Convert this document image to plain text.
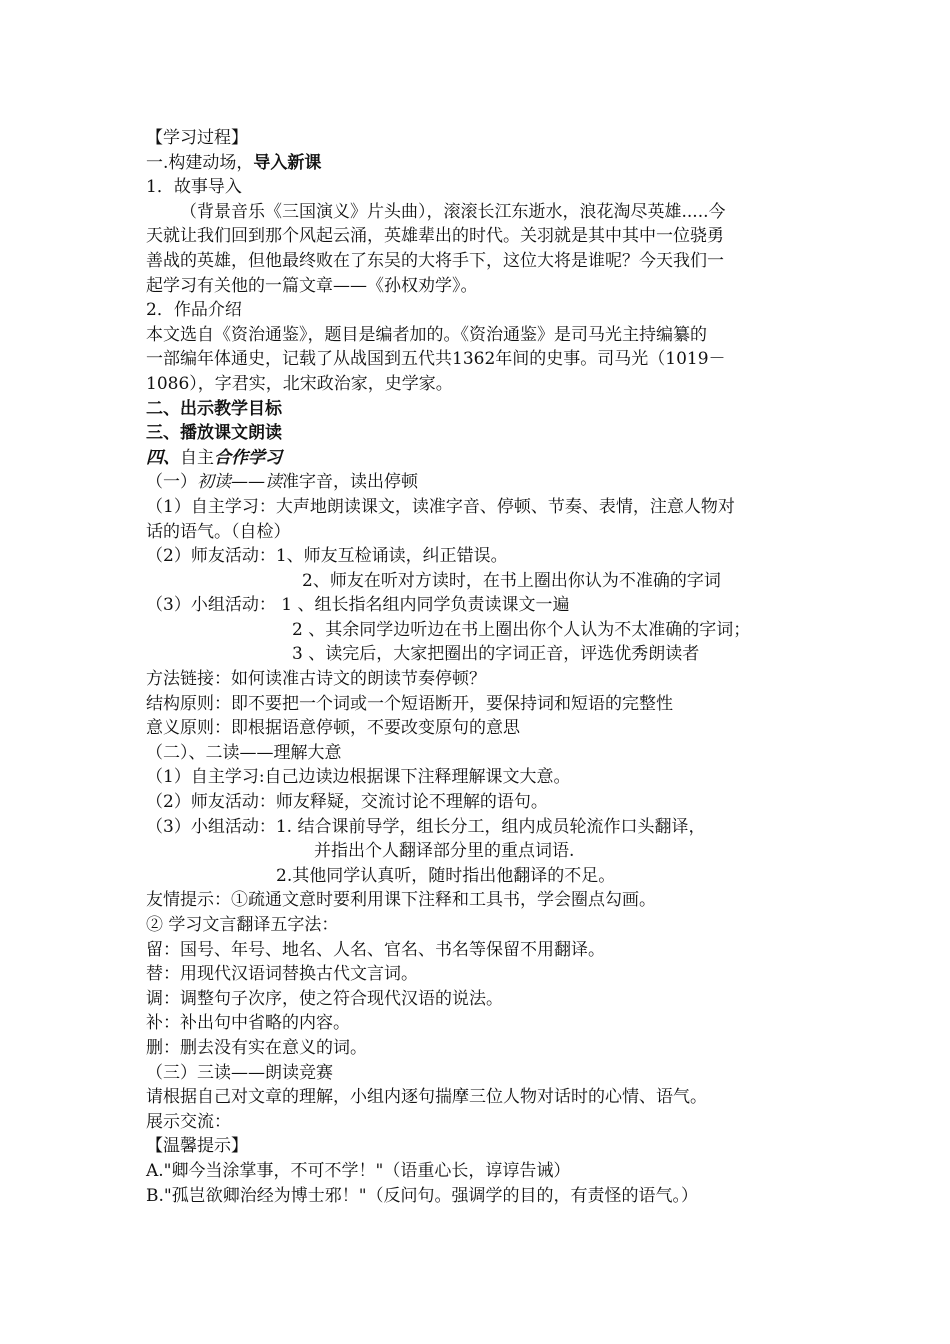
【学习过程】
一.构建动场，导入新课
1．故事导入
（背景音乐《三国演义》片头曲），滚滚长江东逝水，浪花淘尽英雄.....今
天就让我们回到那个风起云涌，英雄辈出的时代。关羽就是其中其中一位骁勇
善战的英雄，但他最终败在了东吴的大将手下，这位大将是谁呢？今天我们一
起学习有关他的一篇文章——《孙权劝学》。
2．作品介绍
本文选自《资治通鉴》，题目是编者加的。《资治通鉴》是司马光主持编纂的
一部编年体通史，记载了从战国到五代共1362年间的史事。司马光（1019－
1086），字君实，北宋政治家，史学家。
二、出示教学目标
三、播放课文朗读
四、自主合作学习
（一）初读——读准字音，读出停顿
（1）自主学习：大声地朗读课文，读准字音、停顿、节奏、表情，注意人物对
话的语气。（自检）
（2）师友活动：1、师友互检诵读，纠正错误。
2、师友在听对方读时，在书上圈出你认为不准确的字词
（3）小组活动： 1 、组长指名组内同学负责读课文一遍
2 、其余同学边听边在书上圈出你个人认为不太准确的字词；
3 、读完后，大家把圈出的字词正音，评选优秀朗读者
方法链接：如何读准古诗文的朗读节奏停顿？
结构原则：即不要把一个词或一个短语断开，要保持词和短语的完整性
意义原则：即根据语意停顿，不要改变原句的意思
（二）、二读——理解大意
（1）自主学习:自己边读边根据课下注释理解课文大意。
（2）师友活动：师友释疑，交流讨论不理解的语句。
（3）小组活动：1. 结合课前导学，组长分工，组内成员轮流作口头翻译，
并指出个人翻译部分里的重点词语.
2.其他同学认真听，随时指出他翻译的不足。
友情提示：①疏通文意时要利用课下注释和工具书，学会圈点勾画。
② 学习文言翻译五字法：
留：国号、年号、地名、人名、官名、书名等保留不用翻译。
替：用现代汉语词替换古代文言词。
调：调整句子次序，使之符合现代汉语的说法。
补：补出句中省略的内容。
删：删去没有实在意义的词。
（三）三读——朗读竞赛
请根据自己对文章的理解，小组内逐句揣摩三位人物对话时的心情、语气。
展示交流：
【温馨提示】
A."卿今当涂掌事，不可不学！"（语重心长，谆谆告诫）
B."孤岂欲卿治经为博士邪！"（反问句。强调学的目的，有责怪的语气。）
